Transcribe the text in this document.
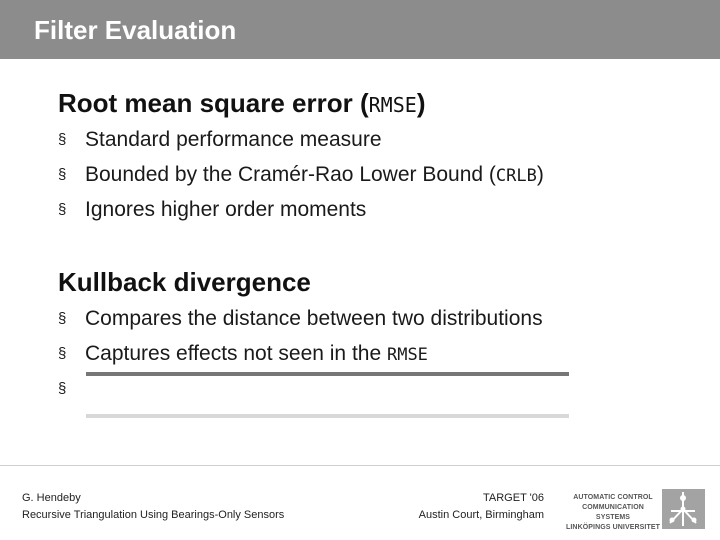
Filter Evaluation
Root mean square error (RMSE)
§ Standard performance measure
§ Bounded by the Cramér-Rao Lower Bound (CRLB)
§ Ignores higher order moments
Kullback divergence
§ Compares the distance between two distributions
§ Captures effects not seen in the RMSE
§
G. Hendeby
Recursive Triangulation Using Bearings-Only Sensors
TARGET '06
Austin Court, Birmingham
AUTOMATIC CONTROL
COMMUNICATION SYSTEMS
LINKÖPINGS UNIVERSITET
